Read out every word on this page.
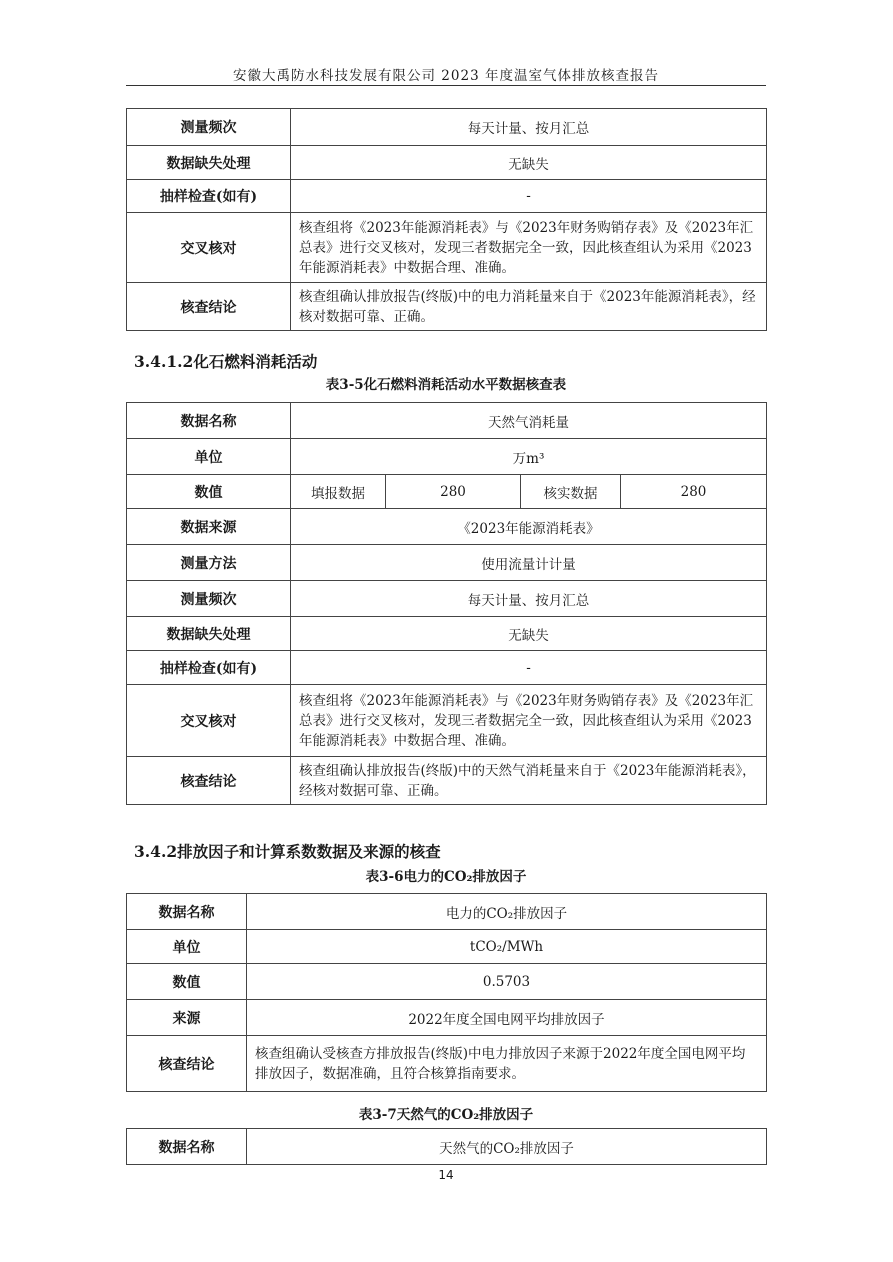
安徽大禹防水科技发展有限公司 2023 年度温室气体排放核查报告
测量频次	每天计量、按月汇总
数据缺失处理	无缺失
抽样检查(如有)	-
交叉核对	核查组将《2023年能源消耗表》与《2023年财务购销存表》及《2023年汇总表》进行交叉核对，发现三者数据完全一致，因此核查组认为采用《2023年能源消耗表》中数据合理、准确。
核查结论	核查组确认排放报告(终版)中的电力消耗量来自于《2023年能源消耗表》，经核对数据可靠、正确。
3.4.1.2化石燃料消耗活动
表3-5化石燃料消耗活动水平数据核查表
数据名称	天然气消耗量			
单位	万m³			
数值	填报数据	280	核实数据	280
数据来源	《2023年能源消耗表》			
测量方法	使用流量计计量			
测量频次	每天计量、按月汇总			
数据缺失处理	无缺失			
抽样检查(如有)	-			
交叉核对	核查组将《2023年能源消耗表》与《2023年财务购销存表》及《2023年汇总表》进行交叉核对，发现三者数据完全一致，因此核查组认为采用《2023年能源消耗表》中数据合理、准确。			
核查结论	核查组确认排放报告(终版)中的天然气消耗量来自于《2023年能源消耗表》，经核对数据可靠、正确。			
3.4.2排放因子和计算系数数据及来源的核查
表3-6电力的CO₂排放因子
数据名称	电力的CO₂排放因子
单位	tCO₂/MWh
数值	0.5703
来源	2022年度全国电网平均排放因子
核查结论	核查组确认受核查方排放报告(终版)中电力排放因子来源于2022年度全国电网平均排放因子，数据准确，且符合核算指南要求。
表3-7天然气的CO₂排放因子
数据名称	天然气的CO₂排放因子
14
